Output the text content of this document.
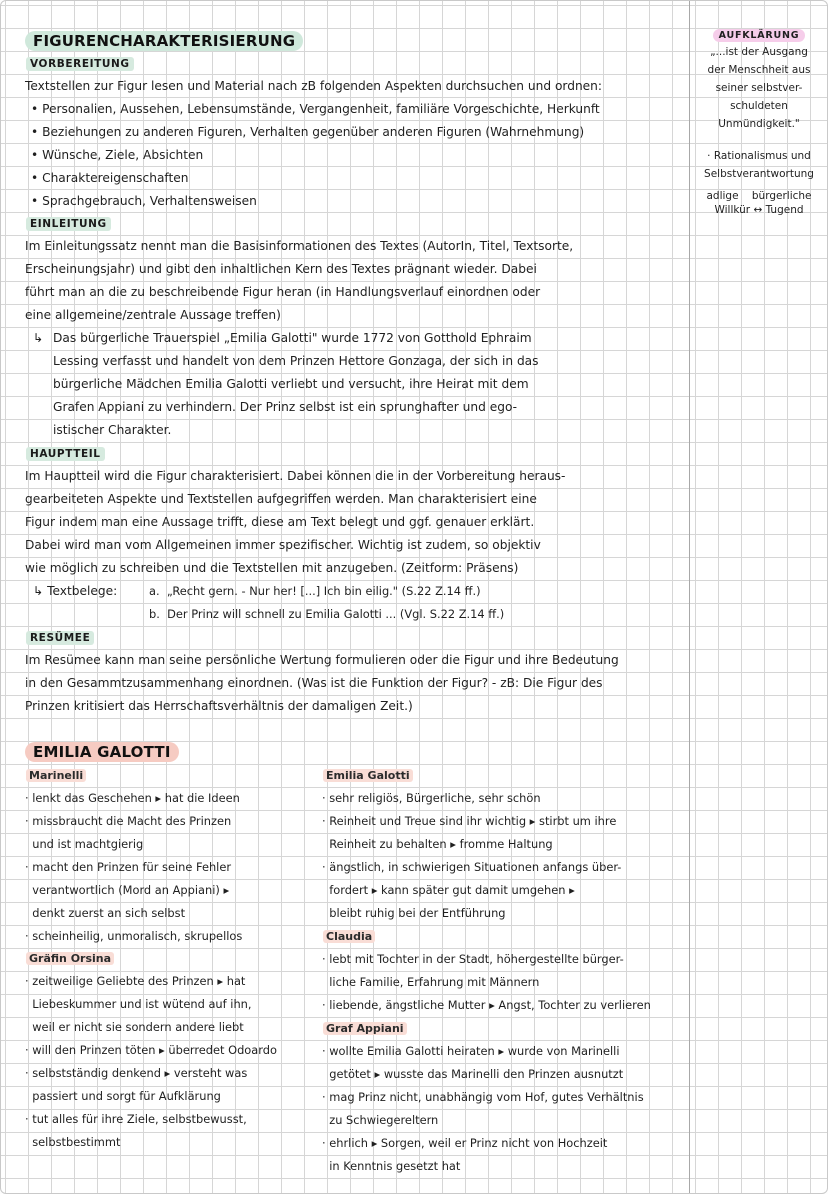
FIGURENCHARAKTERISIERUNG
VORBEREITUNG
Textstellen zur Figur lesen und Material nach zB folgenden Aspekten durchsuchen und ordnen:
• Personalien, Aussehen, Lebensumstände, Vergangenheit, familiäre Vorgeschichte, Herkunft
• Beziehungen zu anderen Figuren, Verhalten gegenüber anderen Figuren (Wahrnehmung)
• Wünsche, Ziele, Absichten
• Charaktereigenschaften
• Sprachgebrauch, Verhaltensweisen
EINLEITUNG
Im Einleitungssatz nennt man die Basisinformationen des Textes (AutorIn, Titel, Textsorte,
Erscheinungsjahr) und gibt den inhaltlichen Kern des Textes prägnant wieder. Dabei
führt man an die zu beschreibende Figur heran (in Handlungsverlauf einordnen oder
eine allgemeine/zentrale Aussage treffen)
↳ Das bürgerliche Trauerspiel „Emilia Galotti" wurde 1772 von Gotthold Ephraim
Lessing verfasst und handelt von dem Prinzen Hettore Gonzaga, der sich in das
bürgerliche Mädchen Emilia Galotti verliebt und versucht, ihre Heirat mit dem
Grafen Appiani zu verhindern. Der Prinz selbst ist ein sprunghafter und ego-
istischer Charakter.
HAUPTTEIL
Im Hauptteil wird die Figur charakterisiert. Dabei können die in der Vorbereitung heraus-
gearbeiteten Aspekte und Textstellen aufgegriffen werden. Man charakterisiert eine
Figur indem man eine Aussage trifft, diese am Text belegt und ggf. genauer erklärt.
Dabei wird man vom Allgemeinen immer spezifischer. Wichtig ist zudem, so objektiv
wie möglich zu schreiben und die Textstellen mit anzugeben. (Zeitform: Präsens)
↳ Textbelege:	a. „Recht gern. - Nur her! [...] Ich bin eilig." (S.22 Z.14 ff.)
b. Der Prinz will schnell zu Emilia Galotti ... (Vgl. S.22 Z.14 ff.)
RESÜMEE
Im Resümee kann man seine persönliche Wertung formulieren oder die Figur und ihre Bedeutung
in den Gesammtzusammenhang einordnen. (Was ist die Funktion der Figur? - zB: Die Figur des
Prinzen kritisiert das Herrschaftsverhältnis der damaligen Zeit.)
EMILIA GALOTTI
Marinelli
· lenkt das Geschehen ▸ hat die Ideen
· missbraucht die Macht des Prinzen
und ist machtgierig
· macht den Prinzen für seine Fehler
verantwortlich (Mord an Appiani) ▸
denkt zuerst an sich selbst
· scheinheilig, unmoralisch, skrupellos
Gräfin Orsina
· zeitweilige Geliebte des Prinzen ▸ hat
Liebeskummer und ist wütend auf ihn,
weil er nicht sie sondern andere liebt
· will den Prinzen töten ▸ überredet Odoardo
· selbstständig denkend ▸ versteht was
passiert und sorgt für Aufklärung
· tut alles für ihre Ziele, selbstbewusst,
selbstbestimmt
Emilia Galotti
· sehr religiös, Bürgerliche, sehr schön
· Reinheit und Treue sind ihr wichtig ▸ stirbt um ihre
Reinheit zu behalten ▸ fromme Haltung
· ängstlich, in schwierigen Situationen anfangs über-
fordert ▸ kann später gut damit umgehen ▸
bleibt ruhig bei der Entführung
Claudia
· lebt mit Tochter in der Stadt, höhergestellte bürger-
liche Familie, Erfahrung mit Männern
· liebende, ängstliche Mutter ▸ Angst, Tochter zu verlieren
Graf Appiani
· wollte Emilia Galotti heiraten ▸ wurde von Marinelli
getötet ▸ wusste das Marinelli den Prinzen ausnutzt
· mag Prinz nicht, unabhängig vom Hof, gutes Verhältnis
zu Schwiegereltern
· ehrlich ▸ Sorgen, weil er Prinz nicht von Hochzeit
in Kenntnis gesetzt hat
AUFKLÄRUNG
„...ist der Ausgang
der Menschheit aus
seiner selbstver-
schuldeten
Unmündigkeit."
· Rationalismus und
Selbstverantwortung
adlige bürgerliche
Willkür ↔ Tugend
